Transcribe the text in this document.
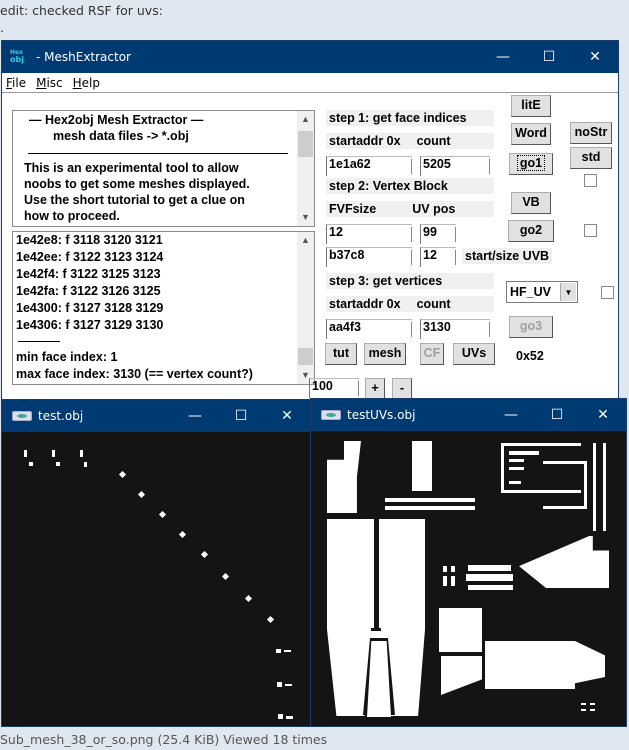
edit: checked RSF for uvs:
.
Hex
obj	- MeshExtractor	—	☐	✕
File Misc Help
— Hex2obj Mesh Extractor —
mesh data files -> *.obj
This is an experimental tool to allow
noobs to get some meshes displayed.
Use the short tutorial to get a clue on
how to proceed.
▲
▼
1e42e8: f 3118 3120 3121
1e42ee: f 3122 3123 3124
1e42f4: f 3122 3125 3123
1e42fa: f 3122 3126 3125
1e4300: f 3127 3128 3129
1e4306: f 3127 3129 3130
min face index: 1
max face index: 3130 (== vertex count?)
▲
▼
step 1: get face indices
startaddr 0x count
1e1a62	5205
step 2: Vertex Block
FVFsize	UV pos
12	99
b37c8	12	start/size UVB
step 3: get vertices
startaddr 0x count
aa4f3	3130
litE
Word	noStr
go1	std
VB
go2
HF_UV	▼
go3
tut	mesh	CF	UVs	0x52
100	+	-
test.obj	—	☐	✕	testUVs.obj	—	☐	✕
Sub_mesh_38_or_so.png (25.4 KiB) Viewed 18 times
